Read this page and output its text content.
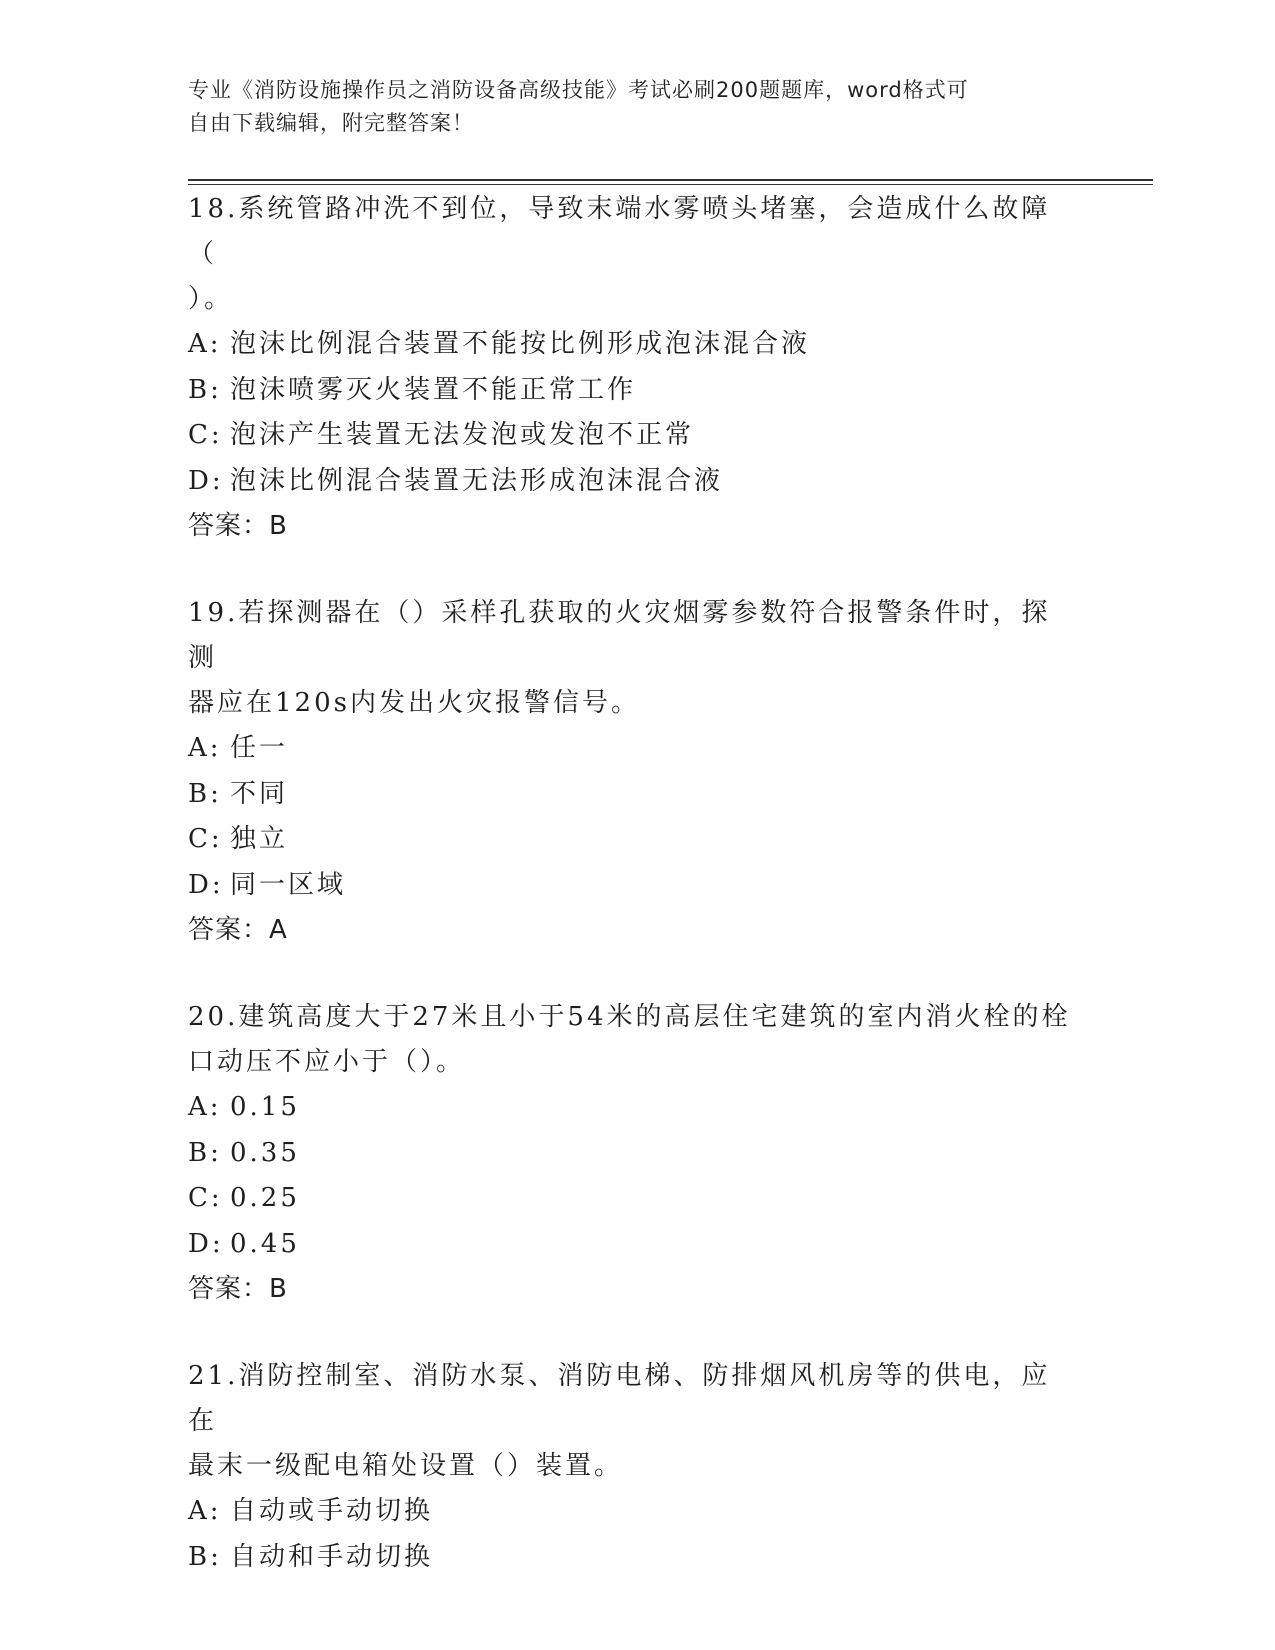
专业《消防设施操作员之消防设备高级技能》考试必刷200题题库，word格式可
自由下载编辑，附完整答案！

18.系统管路冲洗不到位，导致末端水雾喷头堵塞，会造成什么故障（
）。

A: 泡沫比例混合装置不能按比例形成泡沫混合液

B: 泡沫喷雾灭火装置不能正常工作

C: 泡沫产生装置无法发泡或发泡不正常

D: 泡沫比例混合装置无法形成泡沫混合液

答案：B

19.若探测器在（）采样孔获取的火灾烟雾参数符合报警条件时，探测
器应在120s内发出火灾报警信号。

A: 任一

B: 不同

C: 独立

D: 同一区域

答案：A

20.建筑高度大于27米且小于54米的高层住宅建筑的室内消火栓的栓
口动压不应小于（）。

A: 0.15

B: 0.35

C: 0.25

D: 0.45

答案：B

21.消防控制室、消防水泵、消防电梯、防排烟风机房等的供电，应在
最末一级配电箱处设置（）装置。

A: 自动或手动切换

B: 自动和手动切换
